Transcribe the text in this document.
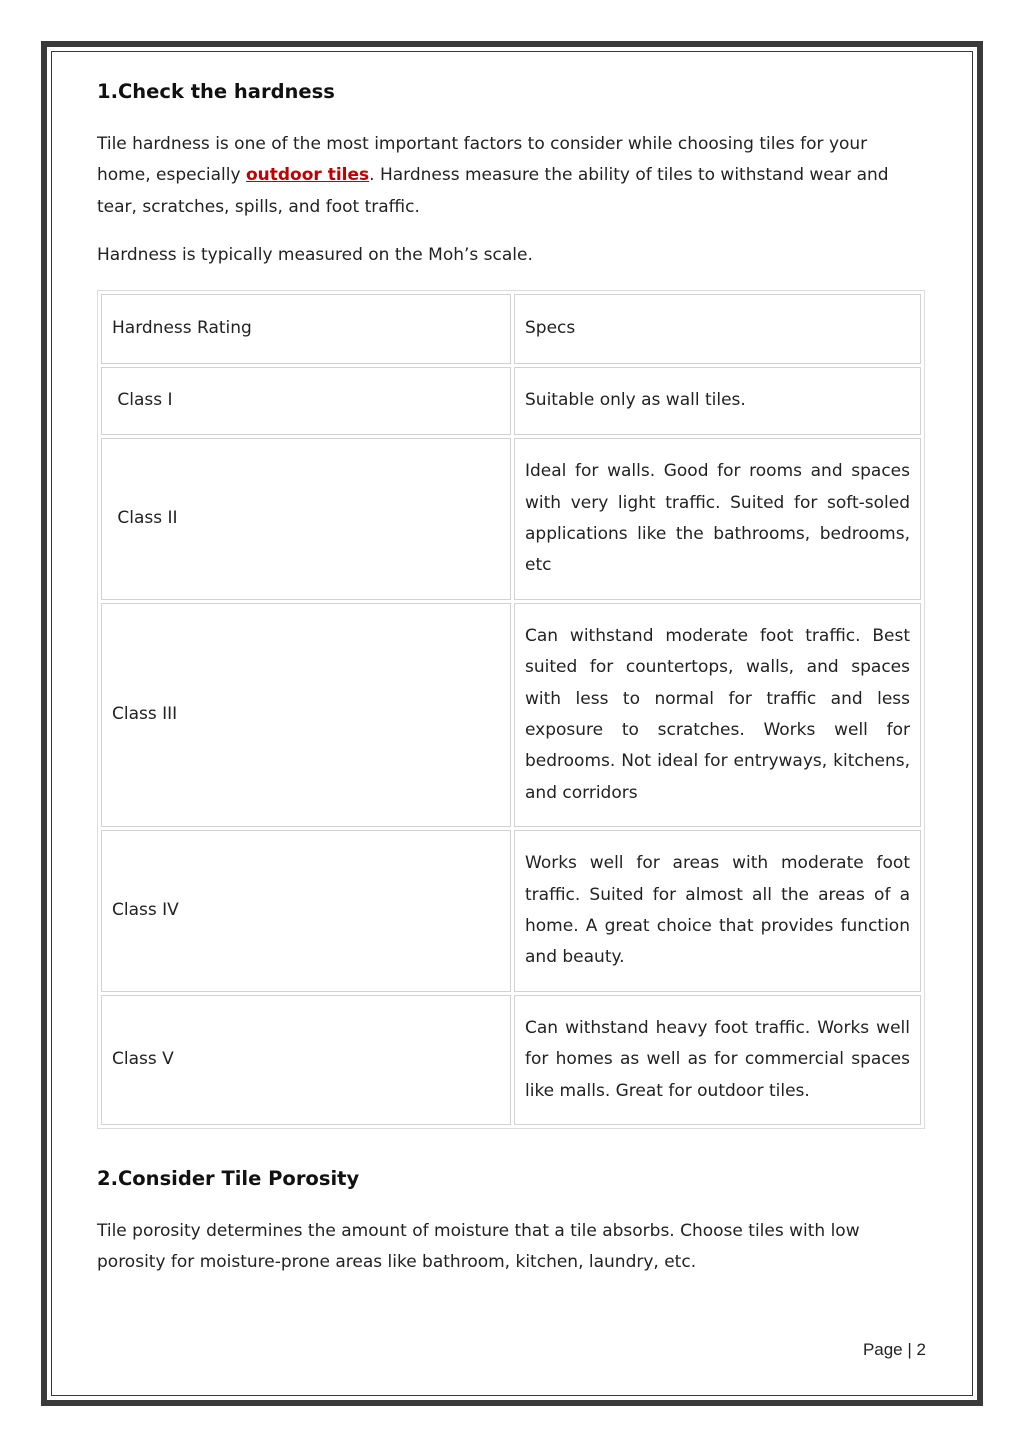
1.Check the hardness

Tile hardness is one of the most important factors to consider while choosing tiles for your home, especially outdoor tiles. Hardness measure the ability of tiles to withstand wear and tear, scratches, spills, and foot traffic.

Hardness is typically measured on the Moh’s scale.

Hardness Rating	Specs
Class I	Suitable only as wall tiles.
Class II	Ideal for walls. Good for rooms and spaces with very light traffic. Suited for soft-soled applications like the bathrooms, bedrooms, etc
Class III	Can withstand moderate foot traffic. Best suited for countertops, walls, and spaces with less to normal for traffic and less exposure to scratches. Works well for bedrooms. Not ideal for entryways, kitchens, and corridors
Class IV	Works well for areas with moderate foot traffic. Suited for almost all the areas of a home. A great choice that provides function and beauty.
Class V	Can withstand heavy foot traffic. Works well for homes as well as for commercial spaces like malls. Great for outdoor tiles.
2.Consider Tile Porosity

Tile porosity determines the amount of moisture that a tile absorbs. Choose tiles with low porosity for moisture-prone areas like bathroom, kitchen, laundry, etc.

Page | 2
